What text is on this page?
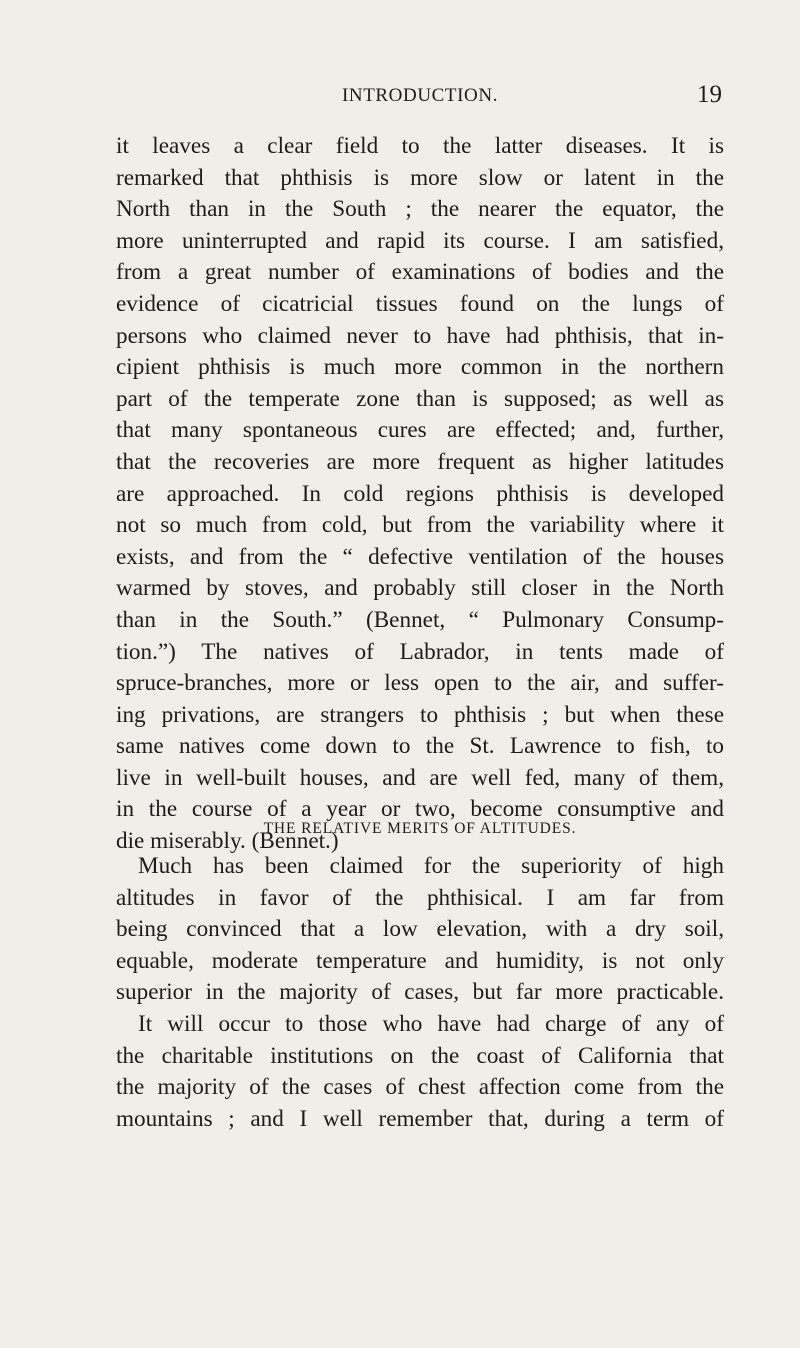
INTRODUCTION.	19
it leaves a clear field to the latter diseases. It is
remarked that phthisis is more slow or latent in the
North than in the South ; the nearer the equator, the
more uninterrupted and rapid its course. I am satisfied,
from a great number of examinations of bodies and the
evidence of cicatricial tissues found on the lungs of
persons who claimed never to have had phthisis, that in-
cipient phthisis is much more common in the northern
part of the temperate zone than is supposed; as well as
that many spontaneous cures are effected; and, further,
that the recoveries are more frequent as higher latitudes
are approached. In cold regions phthisis is developed
not so much from cold, but from the variability where it
exists, and from the “ defective ventilation of the houses
warmed by stoves, and probably still closer in the North
than in the South.” (Bennet, “ Pulmonary Consump-
tion.”) The natives of Labrador, in tents made of
spruce-branches, more or less open to the air, and suffer-
ing privations, are strangers to phthisis ; but when these
same natives come down to the St. Lawrence to fish, to
live in well-built houses, and are well fed, many of them,
in the course of a year or two, become consumptive and
die miserably. (Bennet.)
THE RELATIVE MERITS OF ALTITUDES.
Much has been claimed for the superiority of high
altitudes in favor of the phthisical. I am far from
being convinced that a low elevation, with a dry soil,
equable, moderate temperature and humidity, is not only
superior in the majority of cases, but far more practicable.
It will occur to those who have had charge of any of
the charitable institutions on the coast of California that
the majority of the cases of chest affection come from the
mountains ; and I well remember that, during a term of
